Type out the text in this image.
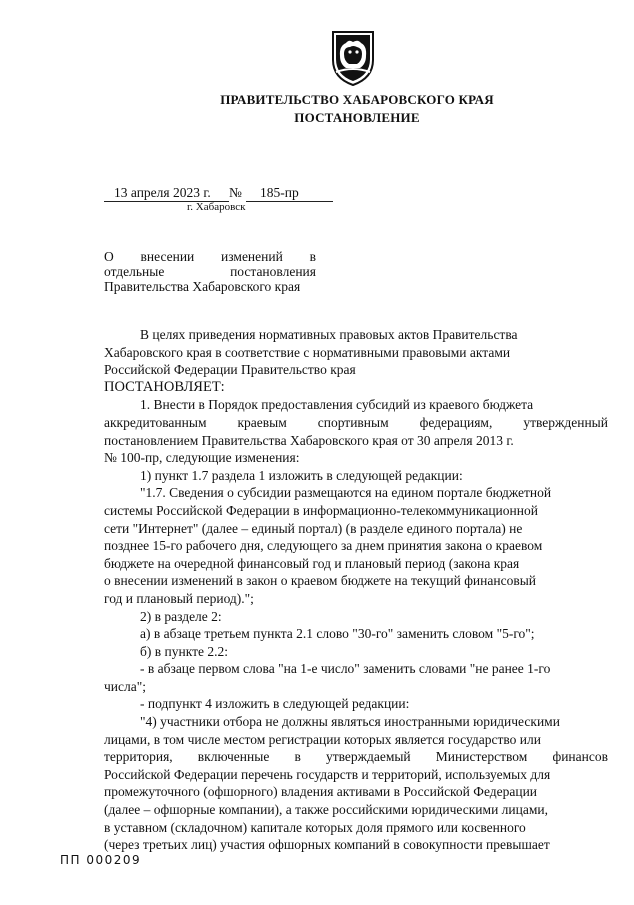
ПРАВИТЕЛЬСТВО ХАБАРОВСКОГО КРАЯ
ПОСТАНОВЛЕНИЕ
13 апреля 2023 г. № 185-пр
г. Хабаровск
О внесении изменений в
отдельные	постановления
Правительства Хабаровского края
В целях приведения нормативных правовых актов Правительства
Хабаровского края в соответствие с нормативными правовыми актами
Российской Федерации Правительство края
ПОСТАНОВЛЯЕТ:
1. Внести в Порядок предоставления субсидий из краевого бюджета
аккредитованным краевым спортивным федерациям, утвержденный
постановлением Правительства Хабаровского края от 30 апреля 2013 г.
№ 100-пр, следующие изменения:
1) пункт 1.7 раздела 1 изложить в следующей редакции:
"1.7. Сведения о субсидии размещаются на едином портале бюджетной
системы Российской Федерации в информационно-телекоммуникационной
сети "Интернет" (далее – единый портал) (в разделе единого портала) не
позднее 15-го рабочего дня, следующего за днем принятия закона о краевом
бюджете на очередной финансовый год и плановый период (закона края
о внесении изменений в закон о краевом бюджете на текущий финансовый
год и плановый период).";
2) в разделе 2:
а) в абзаце третьем пункта 2.1 слово "30-го" заменить словом "5-го";
б) в пункте 2.2:
- в абзаце первом слова "на 1-е число" заменить словами "не ранее 1-го
числа";
- подпункт 4 изложить в следующей редакции:
"4) участники отбора не должны являться иностранными юридическими
лицами, в том числе местом регистрации которых является государство или
территория, включенные в утверждаемый Министерством финансов
Российской Федерации перечень государств и территорий, используемых для
промежуточного (офшорного) владения активами в Российской Федерации
(далее – офшорные компании), а также российскими юридическими лицами,
в уставном (складочном) капитале которых доля прямого или косвенного
(через третьих лиц) участия офшорных компаний в совокупности превышает
ПП 000209
